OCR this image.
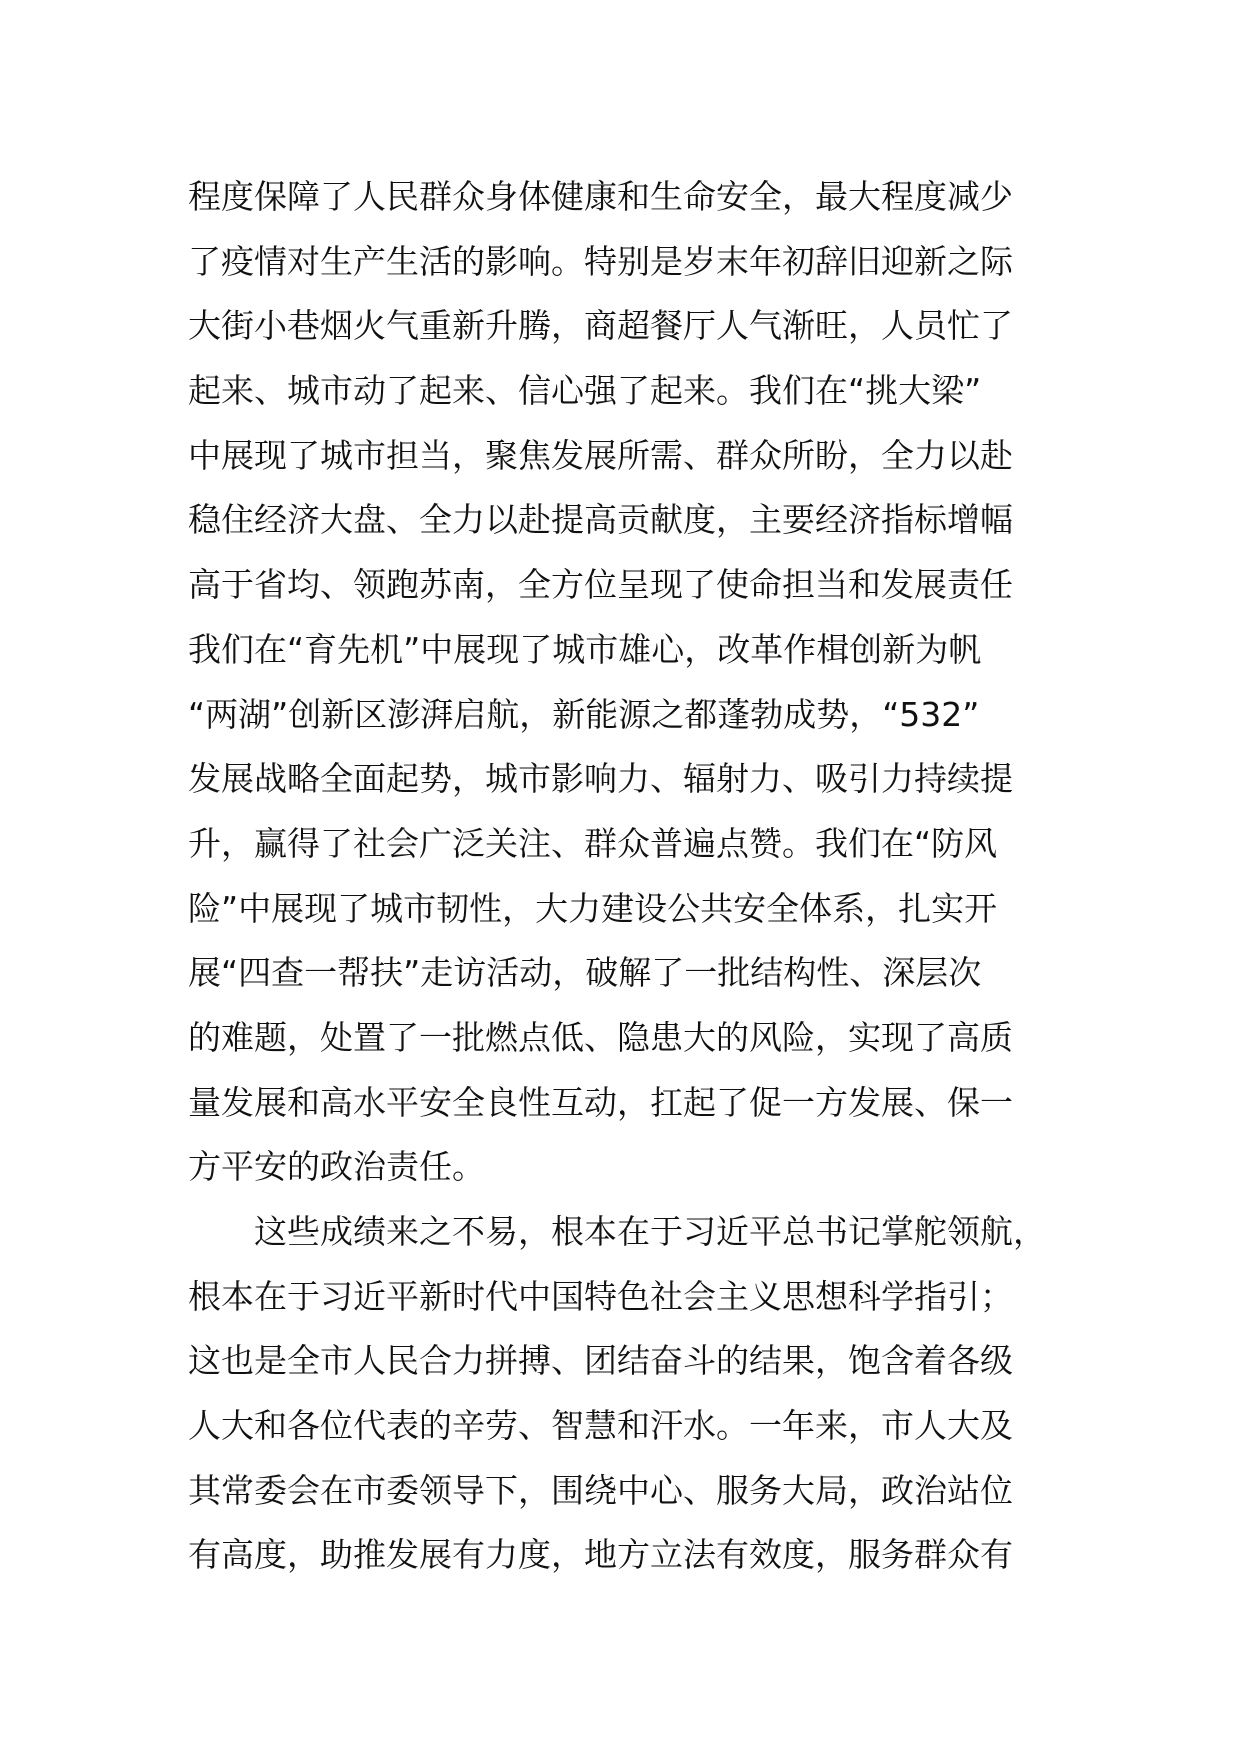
程度保障了人民群众身体健康和生命安全，最大程度减少
了疫情对生产生活的影响。特别是岁末年初辞旧迎新之际
大街小巷烟火气重新升腾，商超餐厅人气渐旺，人员忙了
起来、城市动了起来、信心强了起来。我们在“挑大梁”
中展现了城市担当，聚焦发展所需、群众所盼，全力以赴
稳住经济大盘、全力以赴提高贡献度，主要经济指标增幅
高于省均、领跑苏南，全方位呈现了使命担当和发展责任
我们在“育先机”中展现了城市雄心，改革作楫创新为帆
“两湖”创新区澎湃启航，新能源之都蓬勃成势，“532”
发展战略全面起势，城市影响力、辐射力、吸引力持续提
升，赢得了社会广泛关注、群众普遍点赞。我们在“防风
险”中展现了城市韧性，大力建设公共安全体系，扎实开
展“四查一帮扶”走访活动，破解了一批结构性、深层次
的难题，处置了一批燃点低、隐患大的风险，实现了高质
量发展和高水平安全良性互动，扛起了促一方发展、保一
方平安的政治责任。
　　这些成绩来之不易，根本在于习近平总书记掌舵领航，
根本在于习近平新时代中国特色社会主义思想科学指引；
这也是全市人民合力拼搏、团结奋斗的结果，饱含着各级
人大和各位代表的辛劳、智慧和汗水。一年来，市人大及
其常委会在市委领导下，围绕中心、服务大局，政治站位
有高度，助推发展有力度，地方立法有效度，服务群众有
